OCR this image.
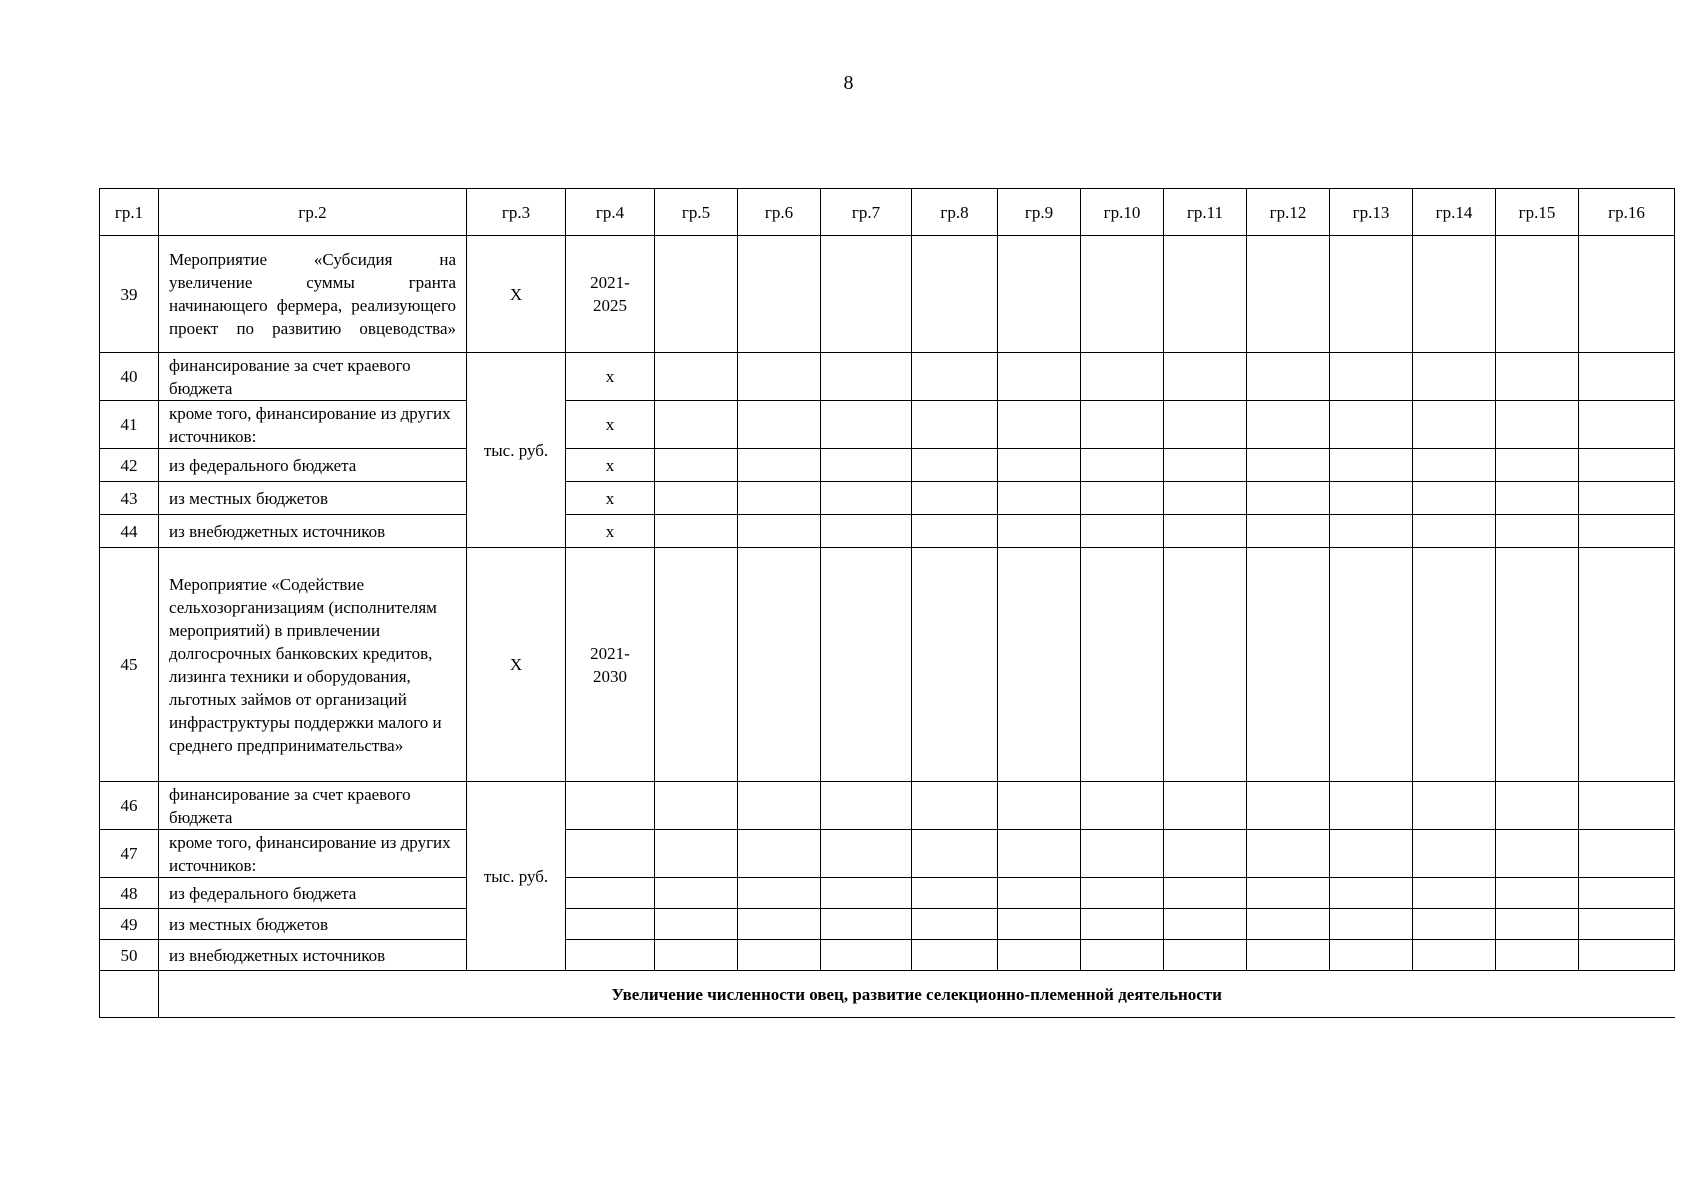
8
гр.1	гр.2	гр.3	гр.4	гр.5	гр.6	гр.7	гр.8	гр.9	гр.10	гр.11	гр.12	гр.13	гр.14	гр.15	гр.16
39	Мероприятие «Субсидия на увеличение суммы гранта начинающего фермера, реализующего проект по развитию овцеводства»	Х	2021-2025												
40	финансирование за счет краевого бюджета	тыс. руб.	х												
41	кроме того, финансирование из других источников:		х												
42	из федерального бюджета		х												
43	из местных бюджетов		х												
44	из внебюджетных источников		х												
45	Мероприятие «Содействие сельхозорганизациям (исполнителям мероприятий) в привлечении долгосрочных банковских кредитов, лизинга техники и оборудования, льготных займов от организаций инфраструктуры поддержки малого и среднего предпринимательства»	Х	2021-2030												
46	финансирование за счет краевого бюджета	тыс. руб.													
47	кроме того, финансирование из других источников:														
48	из федерального бюджета														
49	из местных бюджетов														
50	из внебюджетных источников														
	Увеличение численности овец, развитие селекционно-племенной деятельности														
